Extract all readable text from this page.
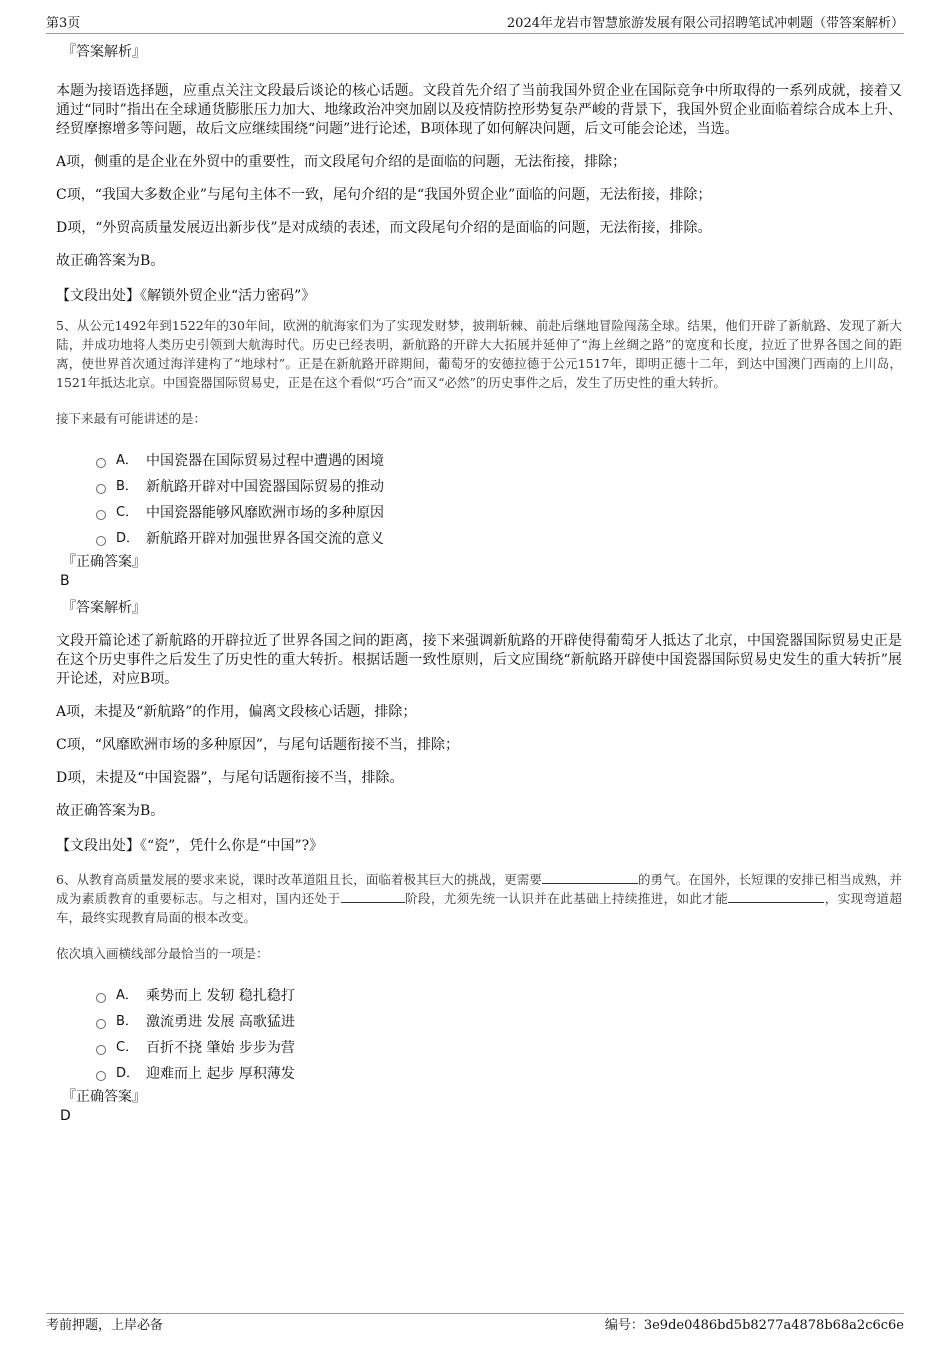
第3页	2024年龙岩市智慧旅游发展有限公司招聘笔试冲刺题（带答案解析）
『答案解析』

本题为接语选择题，应重点关注文段最后谈论的核心话题。文段首先介绍了当前我国外贸企业在国际竞争中所取得的一系列成就，接着又通过“同时”指出在全球通货膨胀压力加大、地缘政治冲突加剧以及疫情防控形势复杂严峻的背景下，我国外贸企业面临着综合成本上升、经贸摩擦增多等问题，故后文应继续围绕“问题”进行论述，B项体现了如何解决问题，后文可能会论述，当选。

A项，侧重的是企业在外贸中的重要性，而文段尾句介绍的是面临的问题，无法衔接，排除；

C项，“我国大多数企业”与尾句主体不一致，尾句介绍的是“我国外贸企业”面临的问题，无法衔接，排除；

D项，“外贸高质量发展迈出新步伐”是对成绩的表述，而文段尾句介绍的是面临的问题，无法衔接，排除。

故正确答案为B。

【文段出处】《解锁外贸企业“活力密码”》

5、从公元1492年到1522年的30年间，欧洲的航海家们为了实现发财梦，披荆斩棘、前赴后继地冒险闯荡全球。结果，他们开辟了新航路、发现了新大陆，并成功地将人类历史引领到大航海时代。历史已经表明，新航路的开辟大大拓展并延伸了“海上丝绸之路”的宽度和长度，拉近了世界各国之间的距离，使世界首次通过海洋建构了“地球村”。正是在新航路开辟期间，葡萄牙的安德拉德于公元1517年，即明正德十二年，到达中国澳门西南的上川岛，1521年抵达北京。中国瓷器国际贸易史，正是在这个看似“巧合”而又“必然”的历史事件之后，发生了历史性的重大转折。

接下来最有可能讲述的是：

A． 中国瓷器在国际贸易过程中遭遇的困境
B． 新航路开辟对中国瓷器国际贸易的推动
C． 中国瓷器能够风靡欧洲市场的多种原因
D． 新航路开辟对加强世界各国交流的意义
『正确答案』
B
『答案解析』

文段开篇论述了新航路的开辟拉近了世界各国之间的距离，接下来强调新航路的开辟使得葡萄牙人抵达了北京，中国瓷器国际贸易史正是在这个历史事件之后发生了历史性的重大转折。根据话题一致性原则，后文应围绕“新航路开辟使中国瓷器国际贸易史发生的重大转折”展开论述，对应B项。

A项，未提及“新航路”的作用，偏离文段核心话题，排除；

C项，“风靡欧洲市场的多种原因”，与尾句话题衔接不当，排除；

D项，未提及“中国瓷器”，与尾句话题衔接不当，排除。

故正确答案为B。

【文段出处】《“瓷”，凭什么你是“中国”?》

6、从教育高质量发展的要求来说，课时改革道阻且长，面临着极其巨大的挑战，更需要	的勇气。在国外，长短课的安排已相当成熟，并成为素质教育的重要标志。与之相对，国内还处于	阶段，尤须先统一认识并在此基础上持续推进，如此才能	，实现弯道超车，最终实现教育局面的根本改变。

依次填入画横线部分最恰当的一项是：

A． 乘势而上 发轫 稳扎稳打
B． 激流勇进 发展 高歌猛进
C． 百折不挠 肇始 步步为营
D． 迎难而上 起步 厚积薄发
『正确答案』
D
考前押题，上岸必备	编号：3e9de0486bd5b8277a4878b68a2c6c6e
